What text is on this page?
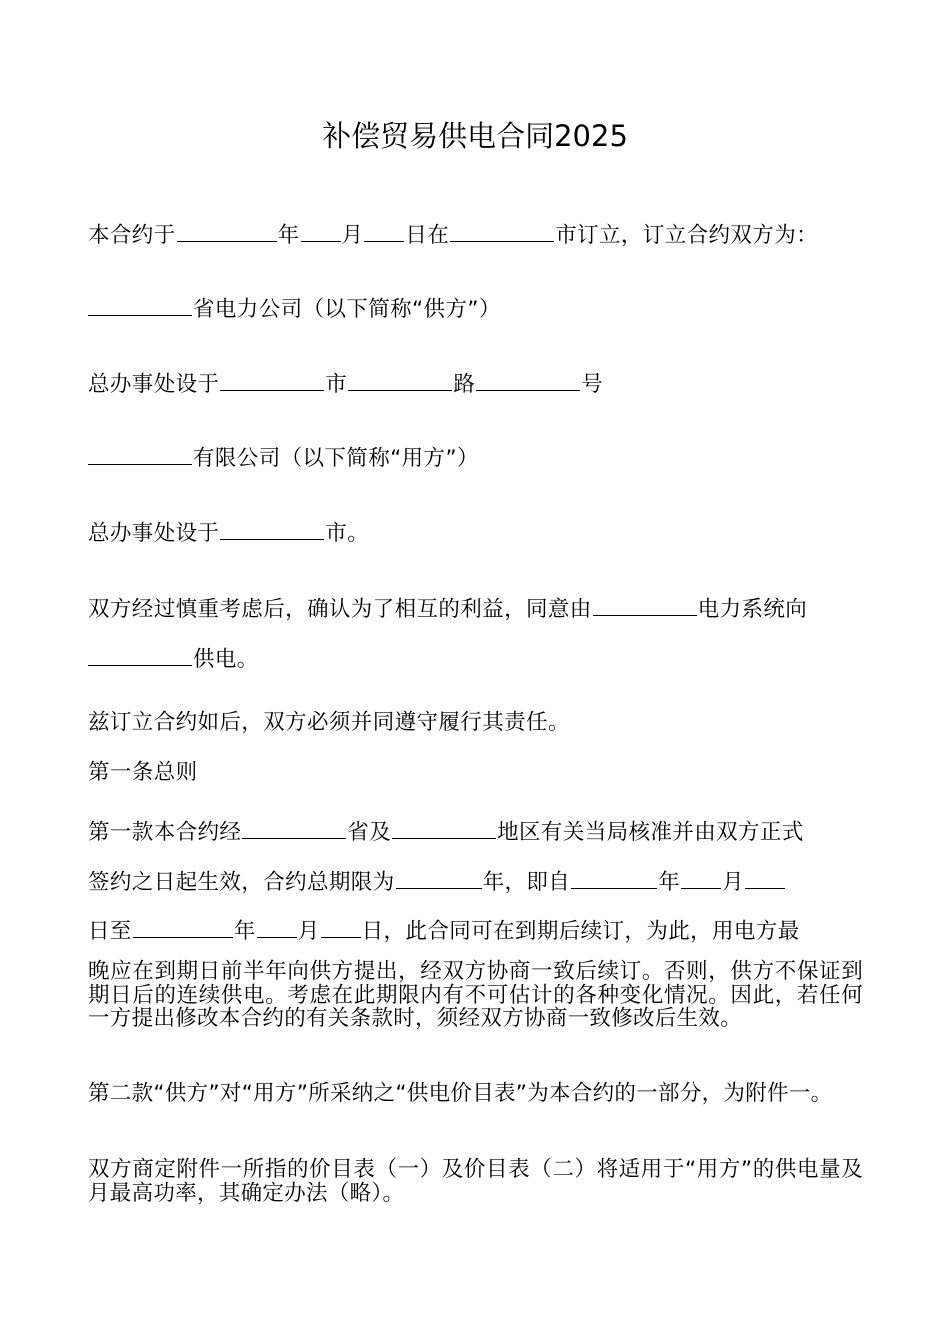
补偿贸易供电合同2025
本合约于	年 月 日在	市订立，订立合约双方为：
省电力公司（以下简称“供方”）
总办事处设于	市	路	号
有限公司（以下简称“用方”）
总办事处设于	市。
双方经过慎重考虑后，确认为了相互的利益，同意由	电力系统向
供电。
兹订立合约如后，双方必须并同遵守履行其责任。
第一条总则
第一款本合约经	省及	地区有关当局核准并由双方正式
签约之日起生效，合约总期限为	年，即自	年 月
日至	年 月 日，此合同可在到期后续订，为此，用电方最

晚应在到期日前半年向供方提出，经双方协商一致后续订。否则，供方不保证到期日后的连续供电。考虑在此期限内有不可估计的各种变化情况。因此，若任何一方提出修改本合约的有关条款时，须经双方协商一致修改后生效。

第二款“供方”对“用方”所采纳之“供电价目表”为本合约的一部分，为附件一。

双方商定附件一所指的价目表（一）及价目表（二）将适用于“用方”的供电量及月最高功率，其确定办法（略）。
